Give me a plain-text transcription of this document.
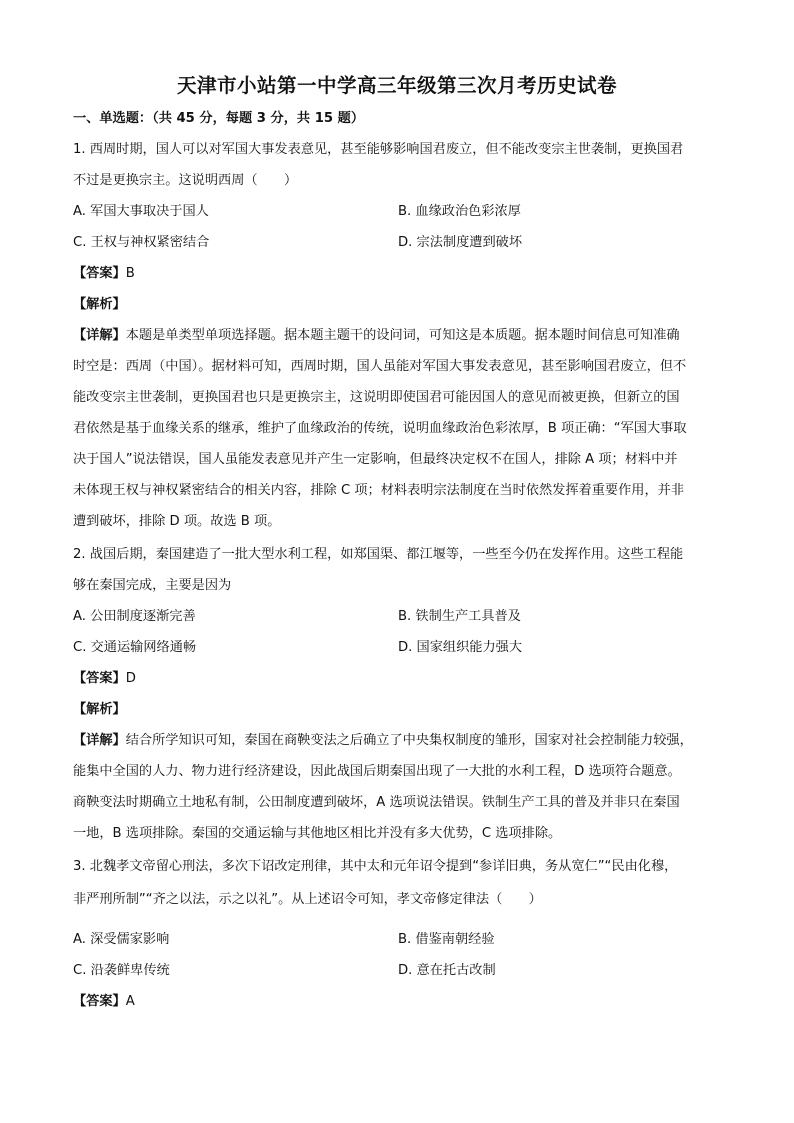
天津市小站第一中学高三年级第三次月考历史试卷
一、单选题：（共 45 分，每题 3 分，共 15 题）
1. 西周时期，国人可以对军国大事发表意见，甚至能够影响国君废立，但不能改变宗主世袭制，更换国君
不过是更换宗主。这说明西周（　　）
A. 军国大事取决于国人	B. 血缘政治色彩浓厚
C. 王权与神权紧密结合	D. 宗法制度遭到破坏
【答案】B
【解析】
【详解】本题是单类型单项选择题。据本题主题干的设问词，可知这是本质题。据本题时间信息可知准确
时空是：西周（中国）。据材料可知，西周时期，国人虽能对军国大事发表意见，甚至影响国君废立，但不
能改变宗主世袭制，更换国君也只是更换宗主，这说明即使国君可能因国人的意见而被更换，但新立的国
君依然是基于血缘关系的继承，维护了血缘政治的传统，说明血缘政治色彩浓厚，B 项正确：“军国大事取
决于国人”说法错误，国人虽能发表意见并产生一定影响，但最终决定权不在国人，排除 A 项；材料中并
未体现王权与神权紧密结合的相关内容，排除 C 项；材料表明宗法制度在当时依然发挥着重要作用，并非
遭到破坏，排除 D 项。故选 B 项。
2. 战国后期，秦国建造了一批大型水利工程，如郑国渠、都江堰等，一些至今仍在发挥作用。这些工程能
够在秦国完成，主要是因为
A. 公田制度逐渐完善	B. 铁制生产工具普及
C. 交通运输网络通畅	D. 国家组织能力强大
【答案】D
【解析】
【详解】结合所学知识可知，秦国在商鞅变法之后确立了中央集权制度的雏形，国家对社会控制能力较强，
能集中全国的人力、物力进行经济建设，因此战国后期秦国出现了一大批的水利工程，D 选项符合题意。
商鞅变法时期确立土地私有制，公田制度遭到破坏，A 选项说法错误。铁制生产工具的普及并非只在秦国
一地，B 选项排除。秦国的交通运输与其他地区相比并没有多大优势，C 选项排除。
3. 北魏孝文帝留心刑法，多次下诏改定刑律，其中太和元年诏令提到“参详旧典，务从宽仁”“民由化穆，
非严刑所制”“齐之以法，示之以礼”。从上述诏令可知，孝文帝修定律法（　　）
A. 深受儒家影响	B. 借鉴南朝经验
C. 沿袭鲜卑传统	D. 意在托古改制
【答案】A
